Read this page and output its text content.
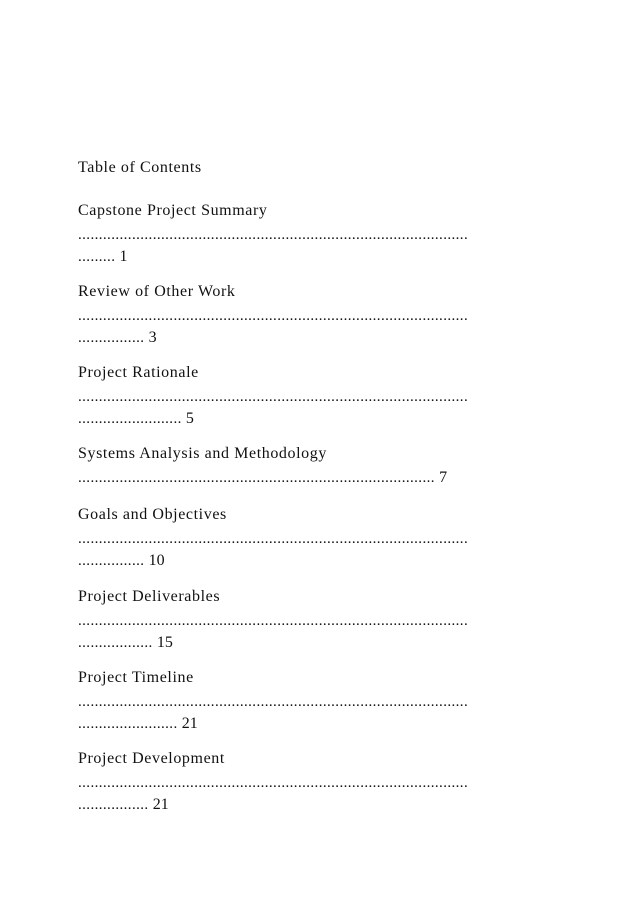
Table of Contents
Capstone Project Summary
..............................................................................................
......... 1
Review of Other Work
..............................................................................................
................ 3
Project Rationale
..............................................................................................
......................... 5
Systems Analysis and Methodology
...................................................................................... 7
Goals and Objectives
..............................................................................................
................ 10
Project Deliverables
..............................................................................................
.................. 15
Project Timeline
..............................................................................................
........................ 21
Project Development
..............................................................................................
................. 21
